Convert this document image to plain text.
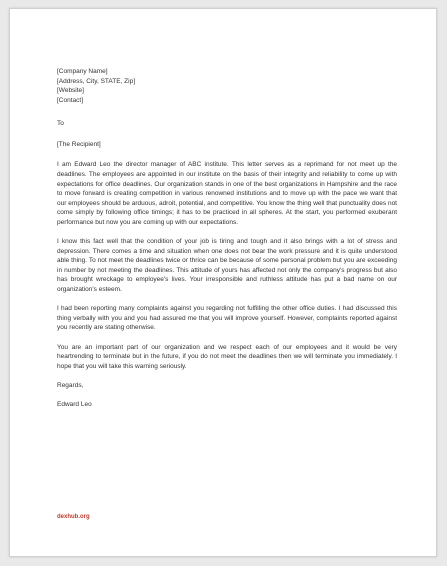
[Company Name]
[Address, City, STATE, Zip]
[Website]
[Contact]
To
[The Recipient]

I am Edward Leo the director manager of ABC institute. This letter serves as a reprimand for not meet up the deadlines. The employees are appointed in our institute on the basis of their integrity and reliability to come up with expectations for office deadlines. Our organization stands in one of the best organizations in Hampshire and the race to move forward is creating competition in various renowned institutions and to move up with the pace we want that our employees should be arduous, adroit, potential, and competitive. You know the thing well that punctuality does not come simply by following office timings; it has to be practiced in all spheres. At the start, you performed exuberant performance but now you are coming up with our expectations.

I know this fact well that the condition of your job is tiring and tough and it also brings with a lot of stress and depression. There comes a time and situation when one does not bear the work pressure and it is quite understood able thing. To not meet the deadlines twice or thrice can be because of some personal problem but you are exceeding in number by not meeting the deadlines. This attitude of yours has affected not only the company's progress but also has brought wreckage to employee's lives. Your irresponsible and ruthless attitude has put a bad name on our organization's esteem.

I had been reporting many complaints against you regarding not fulfilling the other office duties. I had discussed this thing verbally with you and you had assured me that you will improve yourself. However, complaints reported against you recently are stating otherwise.

You are an important part of our organization and we respect each of our employees and it would be very heartrending to terminate but in the future, if you do not meet the deadlines then we will terminate you immediately. I hope that you will take this warning seriously.

Regards,
Edward Leo
dexhub.org
